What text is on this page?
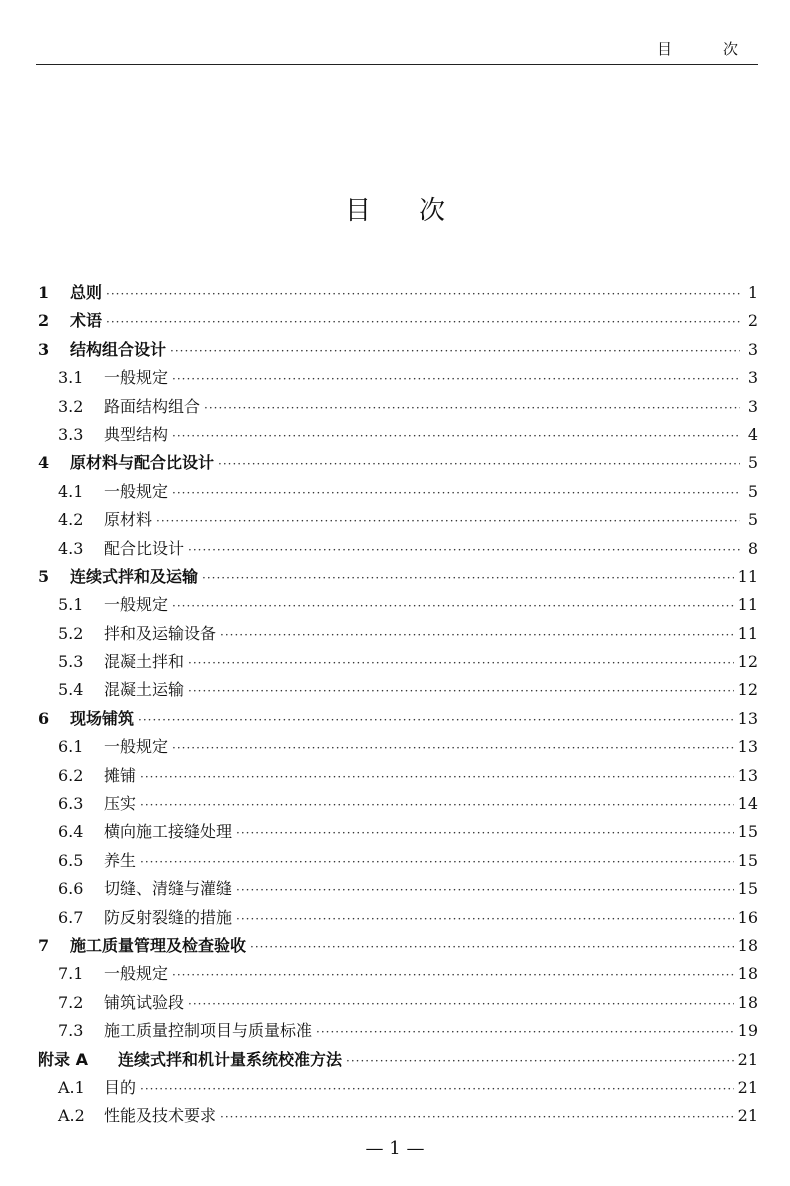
目　次
目次
1	总则 ·····	1
2	术语 ·····	2
3	结构组合设计 ·····	3
3.1	一般规定 ·····	3
3.2	路面结构组合 ·····	3
3.3	典型结构 ·····	4
4	原材料与配合比设计 ·····	5
4.1	一般规定 ·····	5
4.2	原材料 ·····	5
4.3	配合比设计 ·····	8
5	连续式拌和及运输 ·····	11
5.1	一般规定 ·····	11
5.2	拌和及运输设备 ·····	11
5.3	混凝土拌和 ·····	12
5.4	混凝土运输 ·····	12
6	现场铺筑 ·····	13
6.1	一般规定 ·····	13
6.2	摊铺 ·····	13
6.3	压实 ·····	14
6.4	横向施工接缝处理 ·····	15
6.5	养生 ·····	15
6.6	切缝、清缝与灌缝 ·····	15
6.7	防反射裂缝的措施 ·····	16
7	施工质量管理及检查验收 ·····	18
7.1	一般规定 ·····	18
7.2	铺筑试验段 ·····	18
7.3	施工质量控制项目与质量标准 ·····	19
附录 A	连续式拌和机计量系统校准方法 ·····	21
A.1	目的 ·····	21
A.2	性能及技术要求 ·····	21
— 1 —
